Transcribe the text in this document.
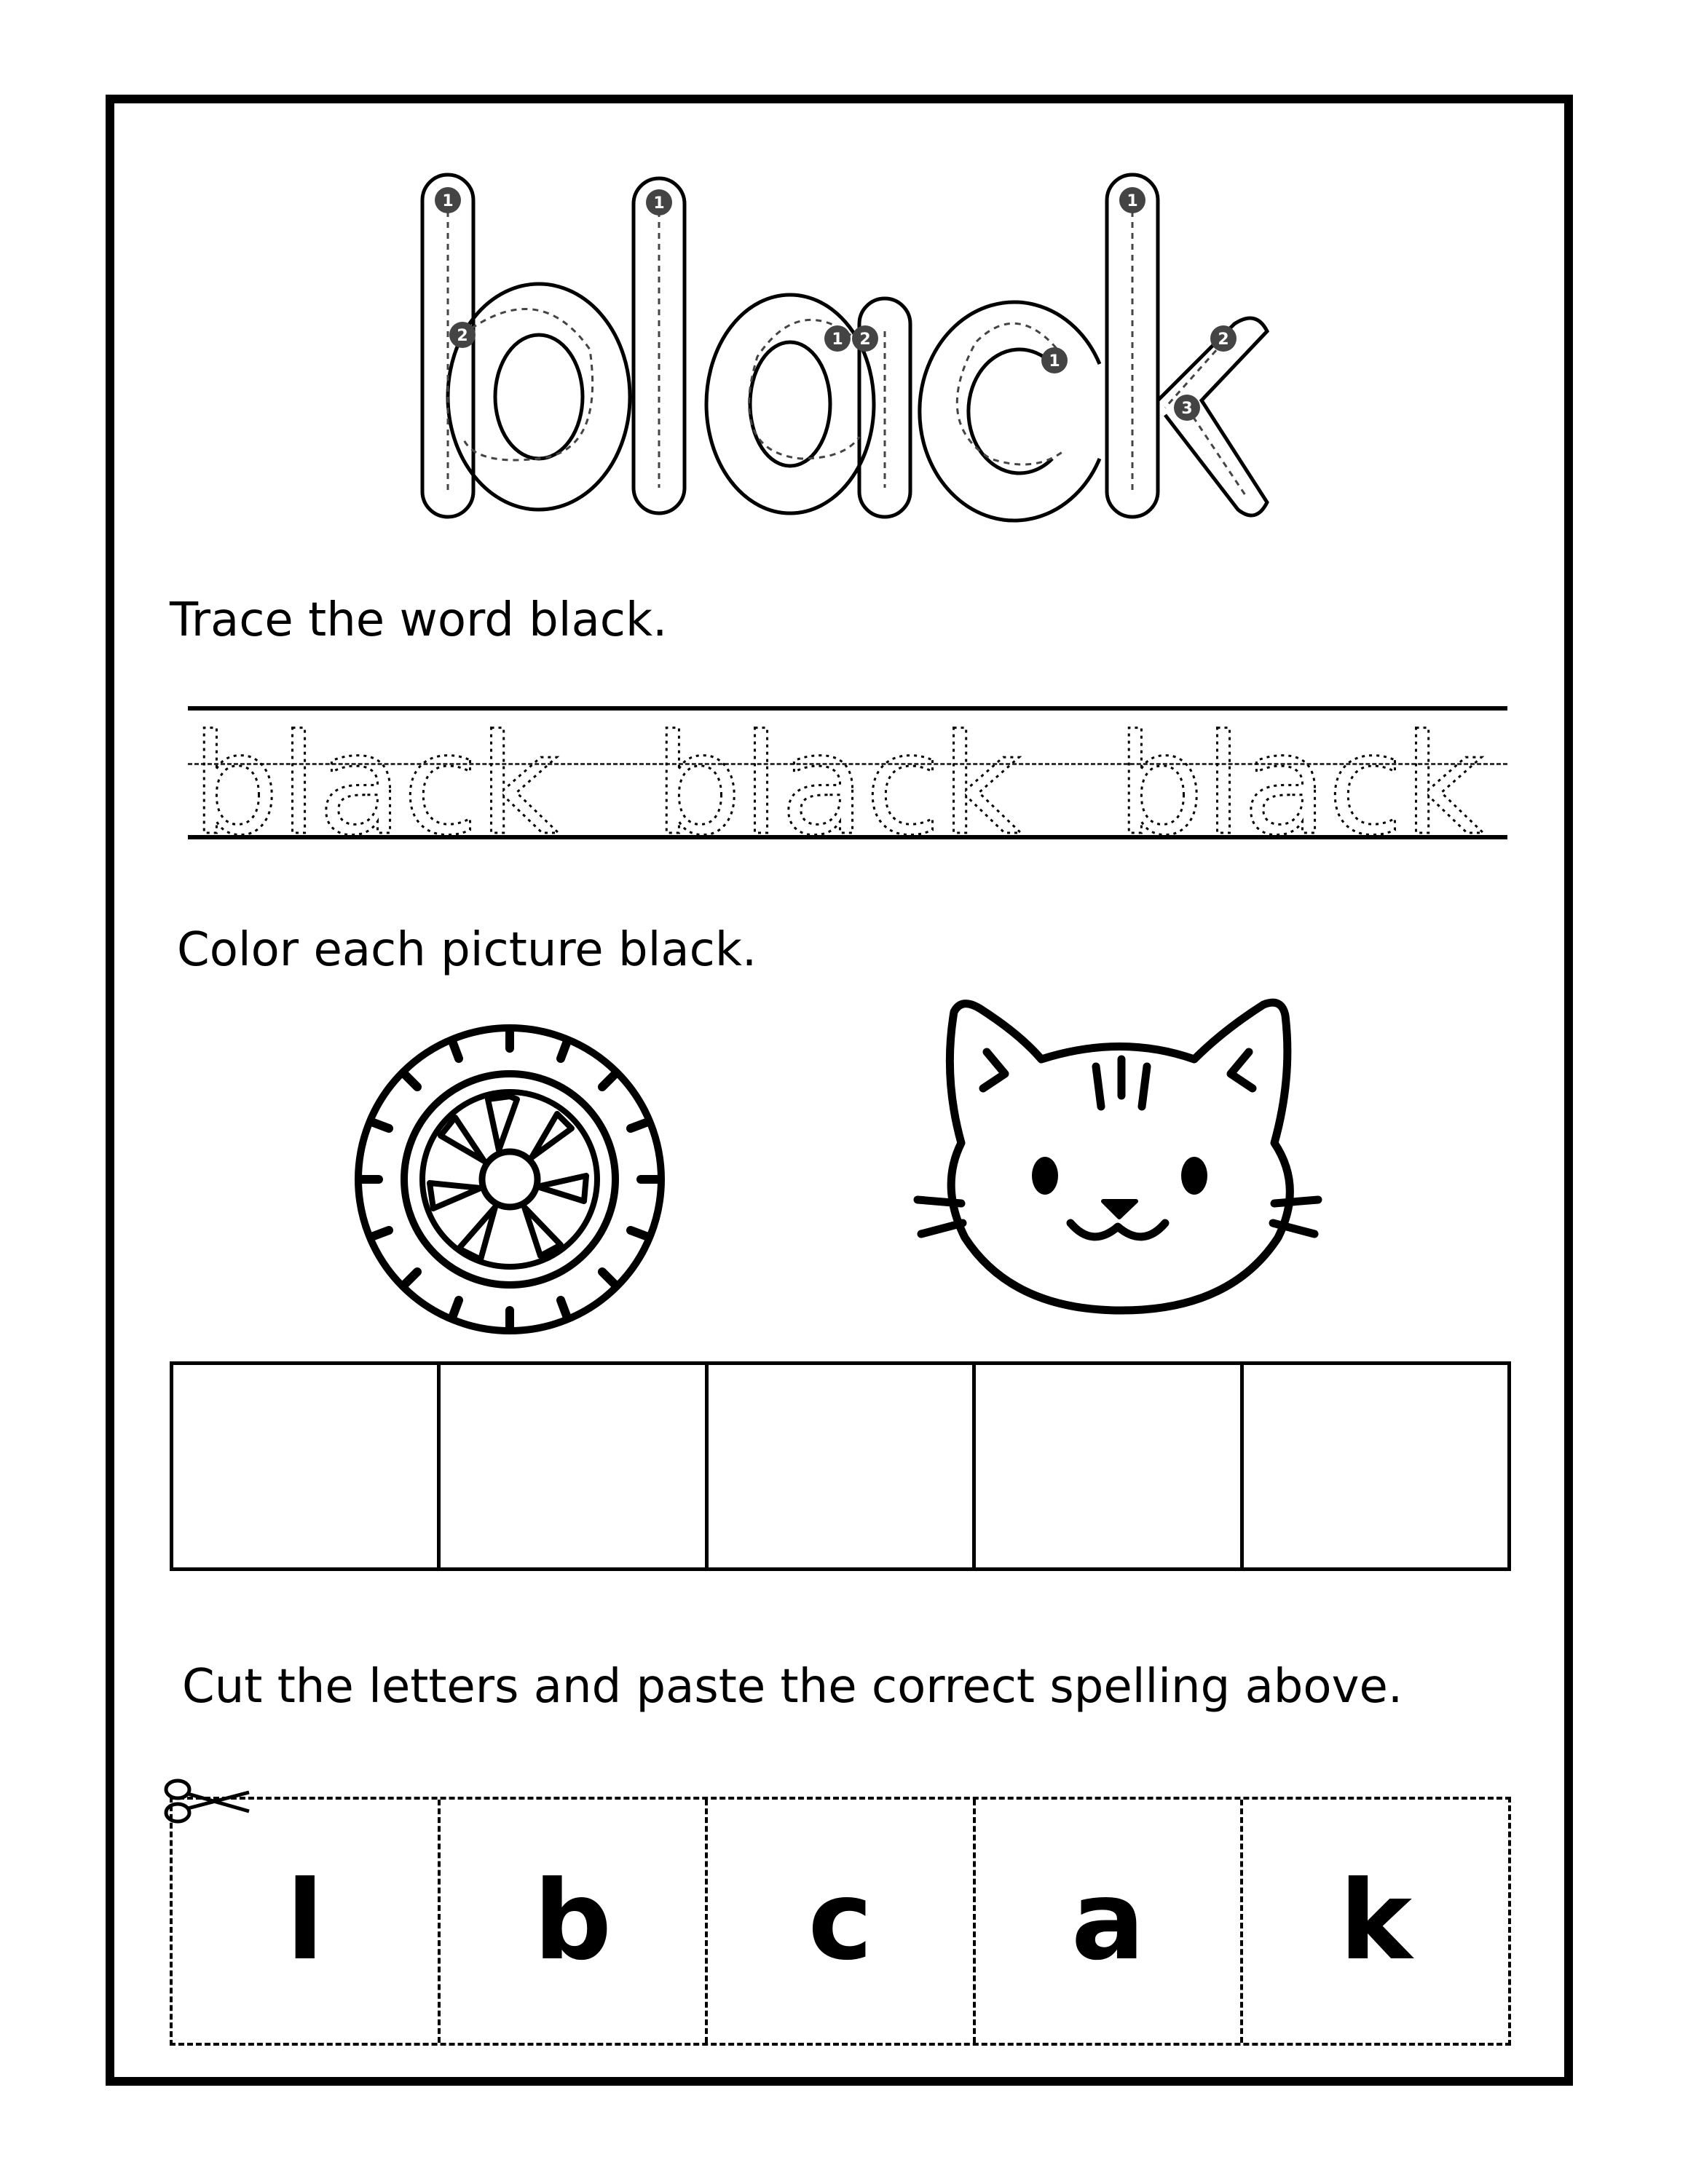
1
2
1
1 2
1
1
2
3
Trace the word black.
black black black
Color each picture black.
Cut the letters and paste the correct spelling above.
l	b	c	a	k
